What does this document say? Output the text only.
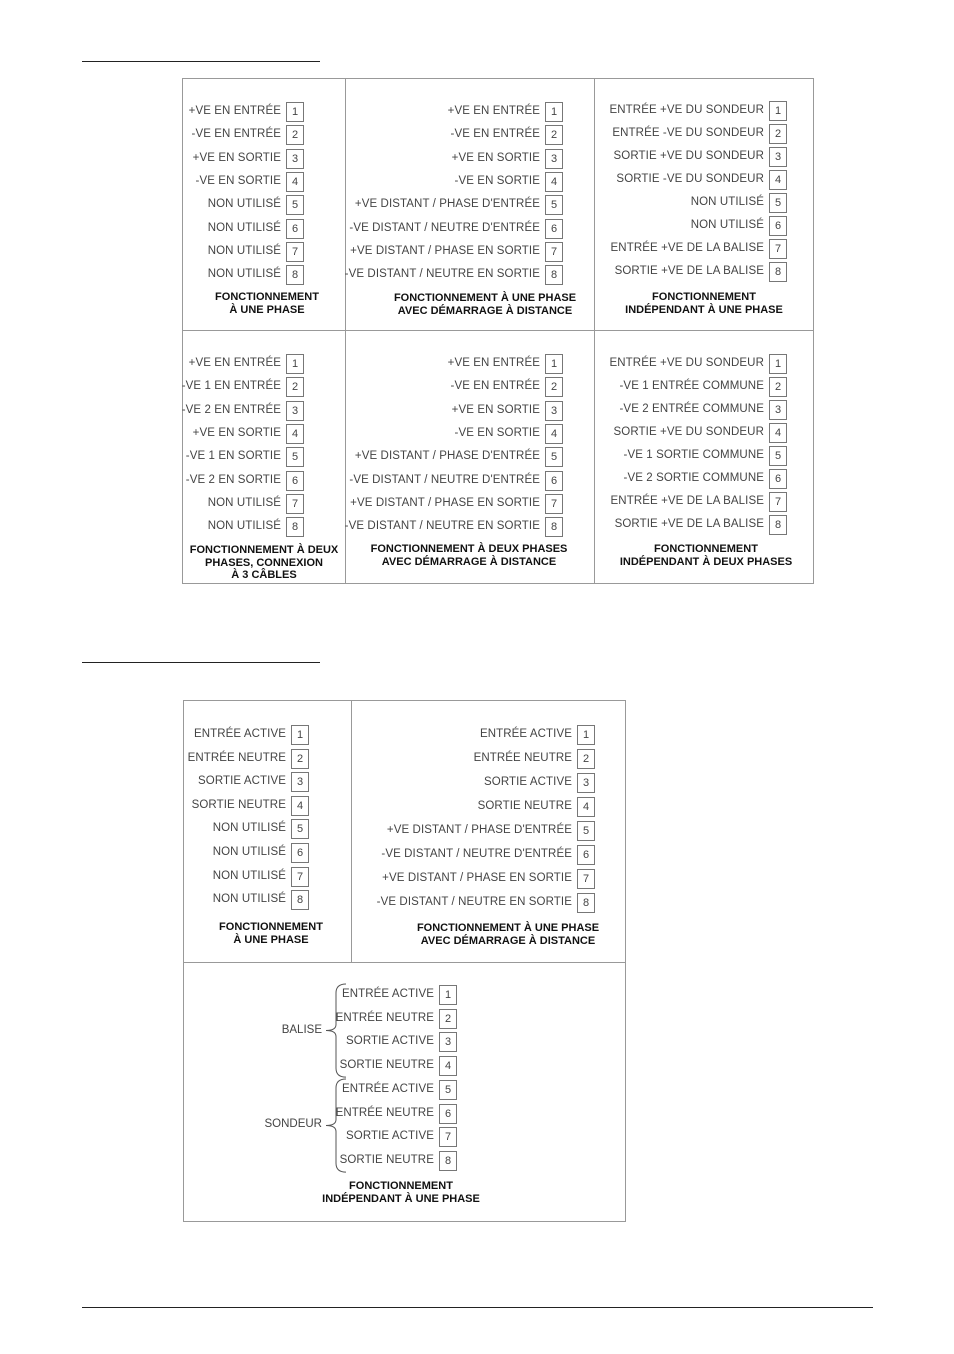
+VE EN ENTRÉE 1
-VE EN ENTRÉE 2
+VE EN SORTIE 3
-VE EN SORTIE 4
NON UTILISÉ 5
NON UTILISÉ 6
NON UTILISÉ 7
NON UTILISÉ 8
FONCTIONNEMENT
À UNE PHASE
+VE EN ENTRÉE 1
-VE EN ENTRÉE 2
+VE EN SORTIE 3
-VE EN SORTIE 4
+VE DISTANT / PHASE D'ENTRÉE 5
-VE DISTANT / NEUTRE D'ENTRÉE 6
+VE DISTANT / PHASE EN SORTIE 7
-VE DISTANT / NEUTRE EN SORTIE 8
FONCTIONNEMENT À UNE PHASE
AVEC DÉMARRAGE À DISTANCE
ENTRÉE +VE DU SONDEUR 1
ENTRÉE -VE DU SONDEUR 2
SORTIE +VE DU SONDEUR 3
SORTIE -VE DU SONDEUR 4
NON UTILISÉ 5
NON UTILISÉ 6
ENTRÉE +VE DE LA BALISE 7
SORTIE +VE DE LA BALISE 8
FONCTIONNEMENT
INDÉPENDANT À UNE PHASE
+VE EN ENTRÉE 1
-VE 1 EN ENTRÉE 2
-VE 2 EN ENTRÉE 3
+VE EN SORTIE 4
-VE 1 EN SORTIE 5
-VE 2 EN SORTIE 6
NON UTILISÉ 7
NON UTILISÉ 8
FONCTIONNEMENT À DEUX
PHASES, CONNEXION
À 3 CÂBLES
+VE EN ENTRÉE 1
-VE EN ENTRÉE 2
+VE EN SORTIE 3
-VE EN SORTIE 4
+VE DISTANT / PHASE D'ENTRÉE 5
-VE DISTANT / NEUTRE D'ENTRÉE 6
+VE DISTANT / PHASE EN SORTIE 7
-VE DISTANT / NEUTRE EN SORTIE 8
FONCTIONNEMENT À DEUX PHASES
AVEC DÉMARRAGE À DISTANCE
ENTRÉE +VE DU SONDEUR 1
-VE 1 ENTRÉE COMMUNE 2
-VE 2 ENTRÉE COMMUNE 3
SORTIE +VE DU SONDEUR 4
-VE 1 SORTIE COMMUNE 5
-VE 2 SORTIE COMMUNE 6
ENTRÉE +VE DE LA BALISE 7
SORTIE +VE DE LA BALISE 8
FONCTIONNEMENT
INDÉPENDANT À DEUX PHASES
ENTRÉE ACTIVE 1
ENTRÉE NEUTRE 2
SORTIE ACTIVE 3
SORTIE NEUTRE 4
NON UTILISÉ 5
NON UTILISÉ 6
NON UTILISÉ 7
NON UTILISÉ 8
FONCTIONNEMENT
À UNE PHASE
ENTRÉE ACTIVE 1
ENTRÉE NEUTRE 2
SORTIE ACTIVE 3
SORTIE NEUTRE 4
+VE DISTANT / PHASE D'ENTRÉE 5
-VE DISTANT / NEUTRE D'ENTRÉE 6
+VE DISTANT / PHASE EN SORTIE 7
-VE DISTANT / NEUTRE EN SORTIE 8
FONCTIONNEMENT À UNE PHASE
AVEC DÉMARRAGE À DISTANCE
ENTRÉE ACTIVE 1
ENTRÉE NEUTRE 2
SORTIE ACTIVE 3
SORTIE NEUTRE 4
ENTRÉE ACTIVE 5
ENTRÉE NEUTRE 6
SORTIE ACTIVE 7
SORTIE NEUTRE 8
FONCTIONNEMENT
INDÉPENDANT À UNE PHASE
BALISE
SONDEUR
